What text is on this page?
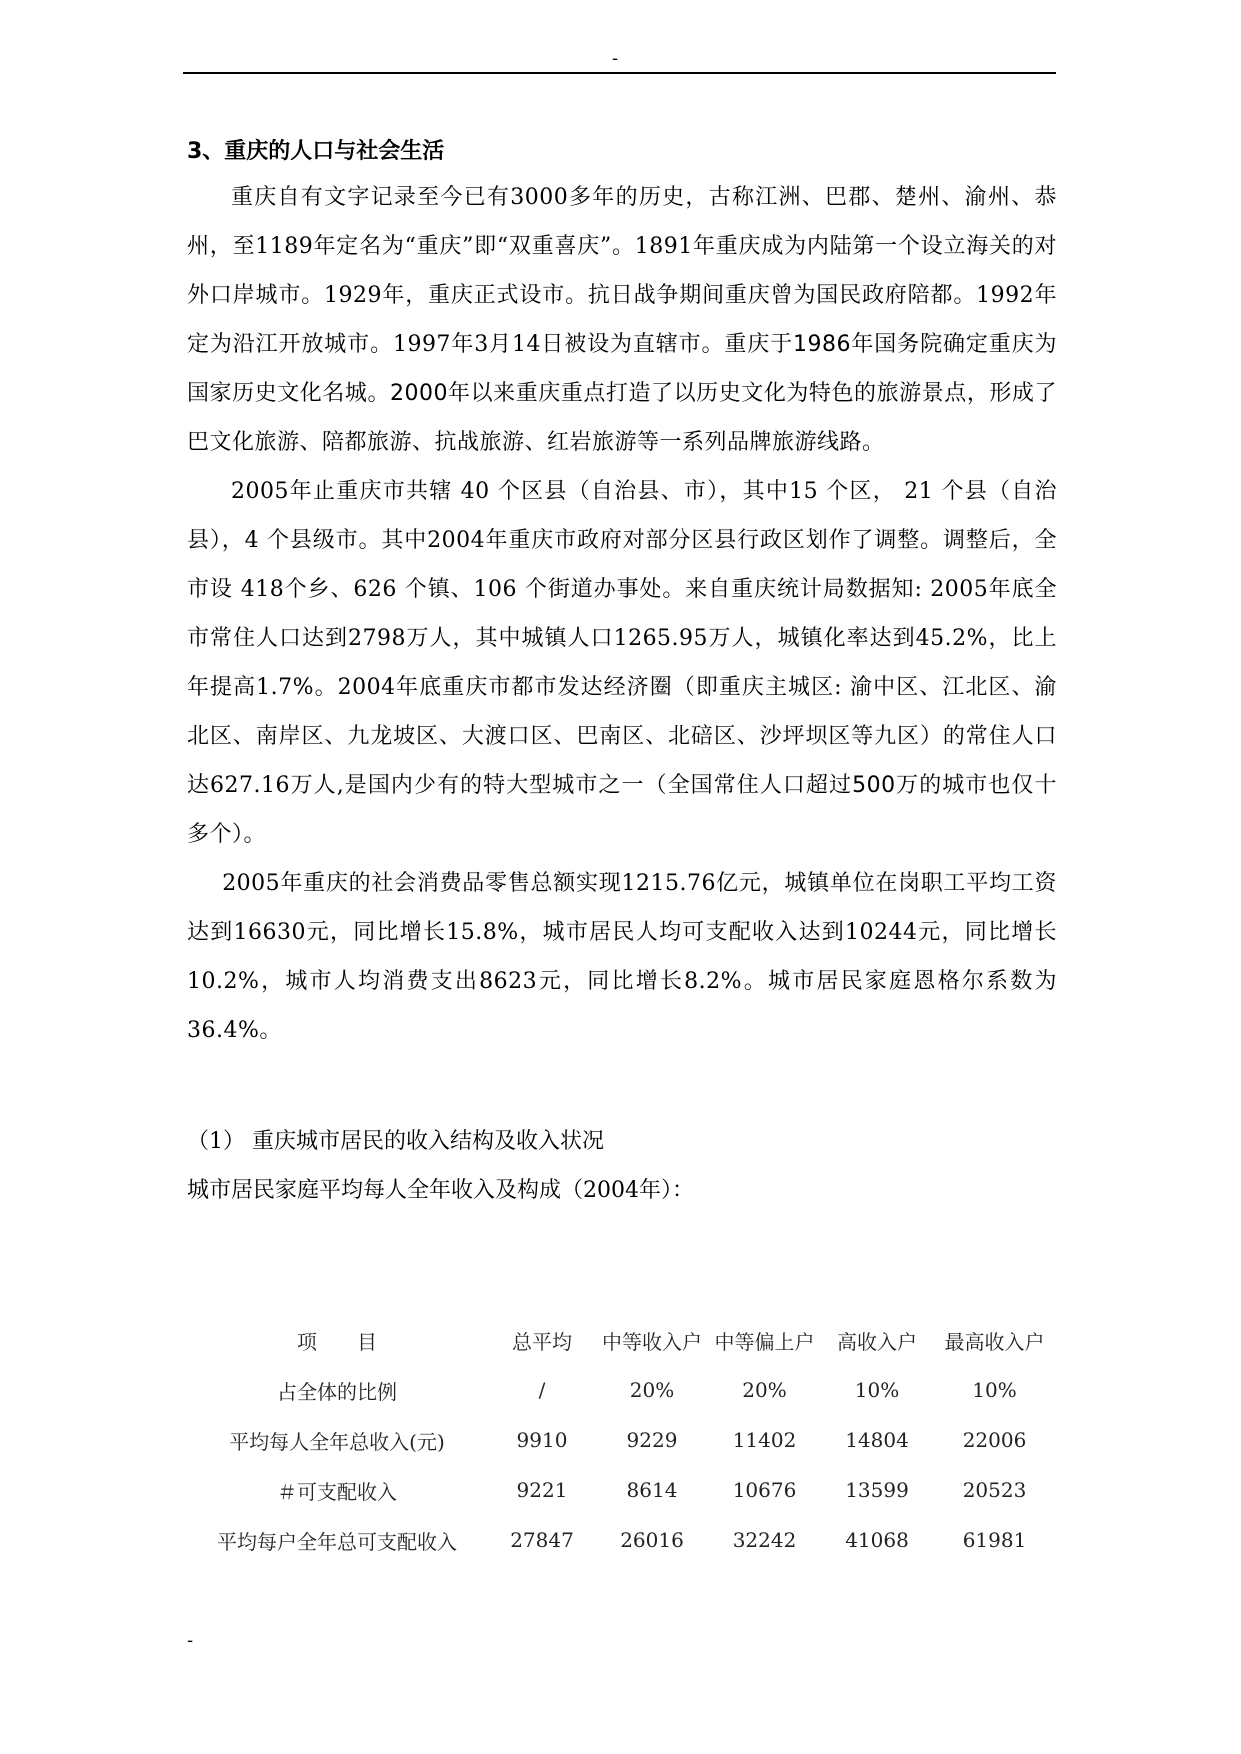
-
3、重庆的人口与社会生活

重庆自有文字记录至今已有3000多年的历史，古称江洲、巴郡、楚州、渝州、恭州，至1189年定名为“重庆”即“双重喜庆”。1891年重庆成为内陆第一个设立海关的对外口岸城市。1929年，重庆正式设市。抗日战争期间重庆曾为国民政府陪都。1992年定为沿江开放城市。1997年3月14日被设为直辖市。重庆于1986年国务院确定重庆为国家历史文化名城。2000年以来重庆重点打造了以历史文化为特色的旅游景点，形成了巴文化旅游、陪都旅游、抗战旅游、红岩旅游等一系列品牌旅游线路。

2005年止重庆市共辖 40 个区县（自治县、市），其中15 个区， 21 个县（自治县），4 个县级市。其中2004年重庆市政府对部分区县行政区划作了调整。调整后，全市设 418个乡、626 个镇、106 个街道办事处。来自重庆统计局数据知: 2005年底全市常住人口达到2798万人，其中城镇人口1265.95万人，城镇化率达到45.2%，比上年提高1.7%。2004年底重庆市都市发达经济圈（即重庆主城区: 渝中区、江北区、渝北区、南岸区、九龙坡区、大渡口区、巴南区、北碚区、沙坪坝区等九区）的常住人口达627.16万人,是国内少有的特大型城市之一（全国常住人口超过500万的城市也仅十多个）。

2005年重庆的社会消费品零售总额实现1215.76亿元，城镇单位在岗职工平均工资达到16630元，同比增长15.8%，城市居民人均可支配收入达到10244元，同比增长10.2%，城市人均消费支出8623元，同比增长8.2%。城市居民家庭恩格尔系数为36.4%。

（1） 重庆城市居民的收入结构及收入状况

城市居民家庭平均每人全年收入及构成（2004年）：

项　　目	总平均	中等收入户	中等偏上户	高收入户	最高收入户
占全体的比例	/	20%	20%	10%	10%
平均每人全年总收入(元)	9910	9229	11402	14804	22006
＃可支配收入	9221	8614	10676	13599	20523
平均每户全年总可支配收入	27847	26016	32242	41068	61981
-
